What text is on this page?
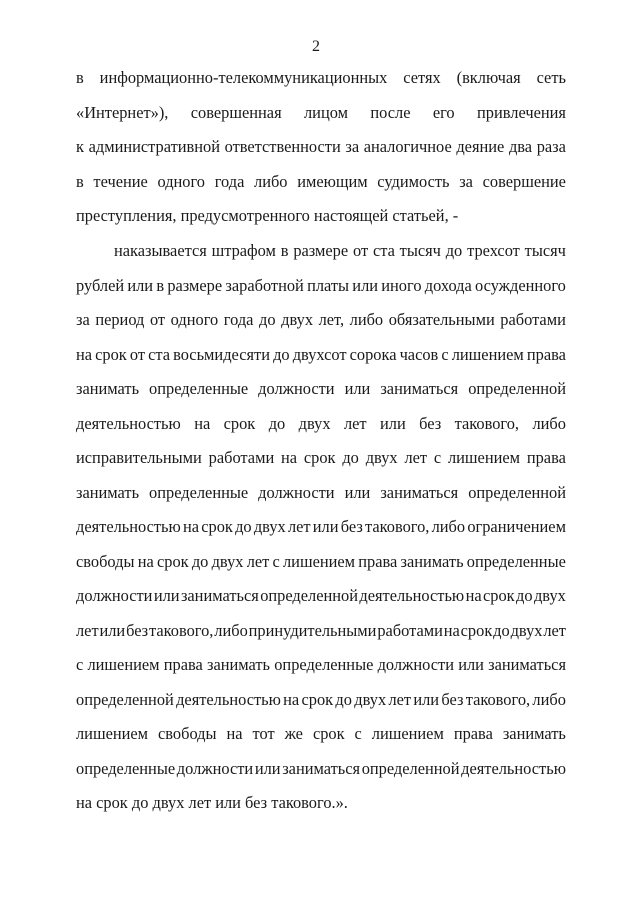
2
в информационно-телекоммуникационных сетях (включая сеть
«Интернет»), совершенная лицом после его привлечения
к административной ответственности за аналогичное деяние два раза
в течение одного года либо имеющим судимость за совершение
преступления, предусмотренного настоящей статьей, -
наказывается штрафом в размере от ста тысяч до трехсот тысяч
рублей или в размере заработной платы или иного дохода осужденного
за период от одного года до двух лет, либо обязательными работами
на срок от ста восьмидесяти до двухсот сорока часов с лишением права
занимать определенные должности или заниматься определенной
деятельностью на срок до двух лет или без такового, либо
исправительными работами на срок до двух лет с лишением права
занимать определенные должности или заниматься определенной
деятельностью на срок до двух лет или без такового, либо ограничением
свободы на срок до двух лет с лишением права занимать определенные
должности или заниматься определенной деятельностью на срок до двух
лет или без такового, либо принудительными работами на срок до двух лет
с лишением права занимать определенные должности или заниматься
определенной деятельностью на срок до двух лет или без такового, либо
лишением свободы на тот же срок с лишением права занимать
определенные должности или заниматься определенной деятельностью
на срок до двух лет или без такового.».
